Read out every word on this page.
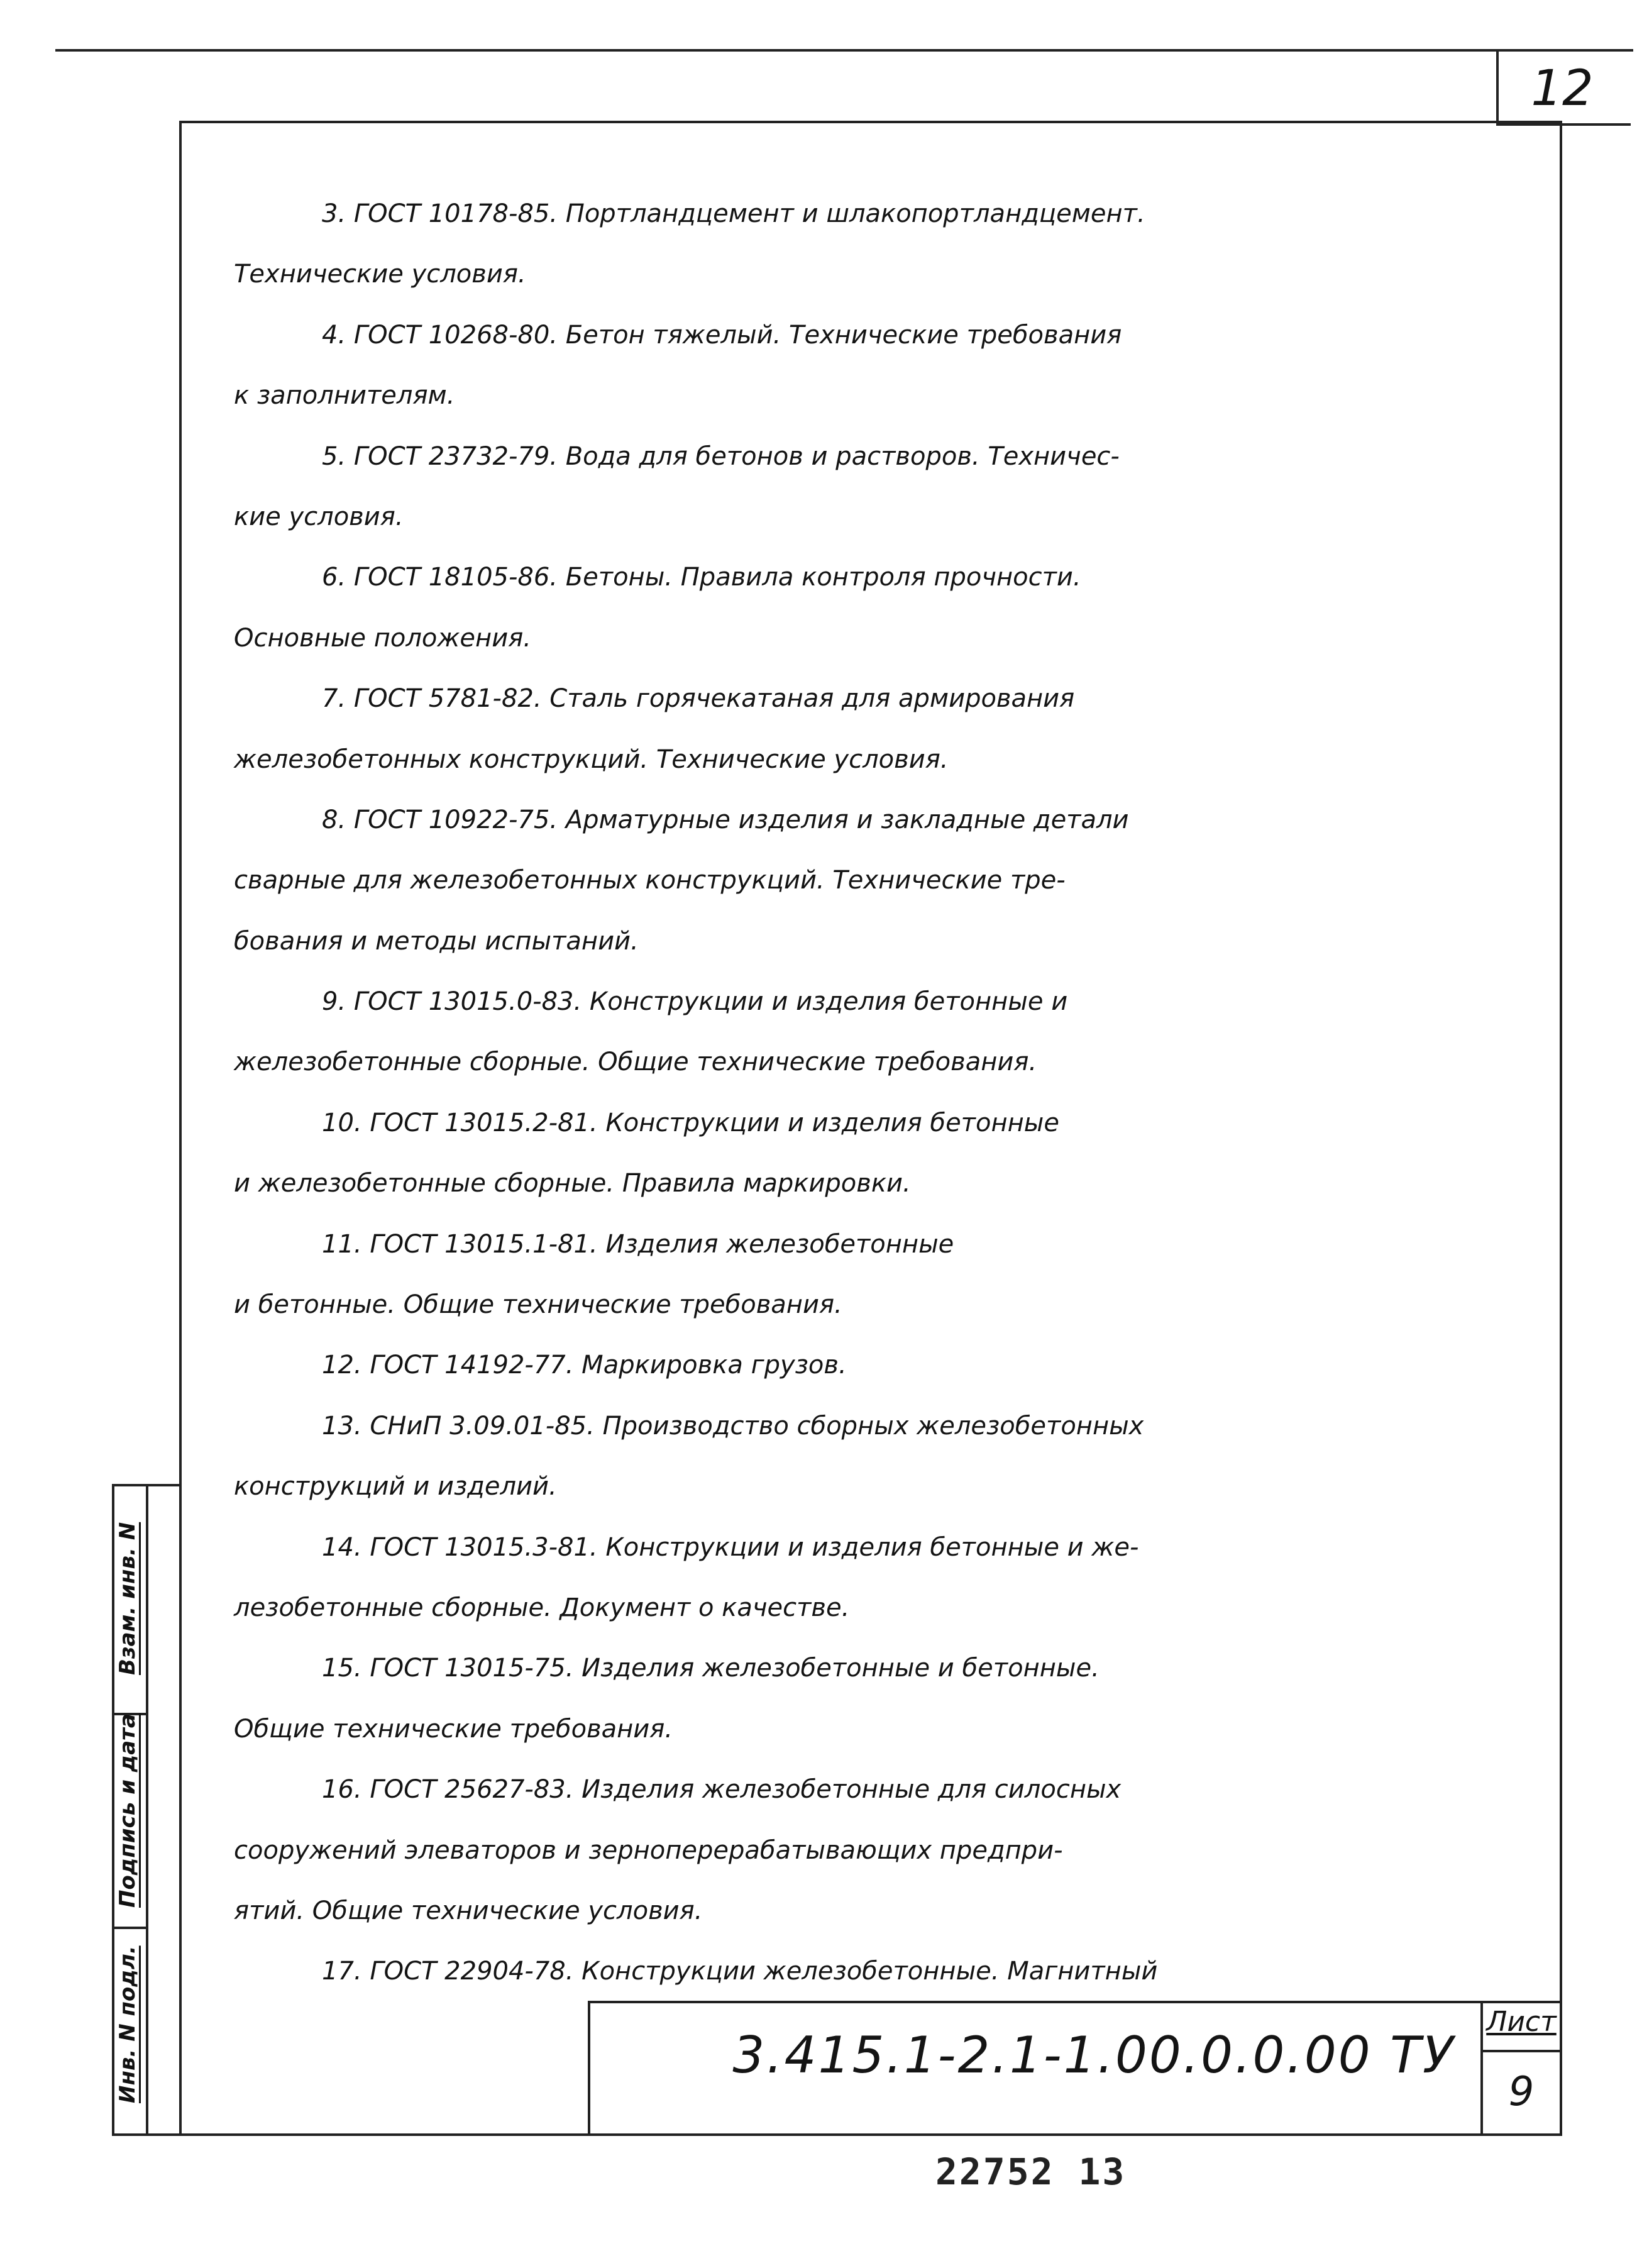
12
Взам. инв. N
Подпись и дата
Инв. N подл.
3. ГОСТ 10178-85. Портландцемент и шлакопортландцемент.
Технические условия.
4. ГОСТ 10268-80. Бетон тяжелый. Технические требования
к заполнителям.
5. ГОСТ 23732-79. Вода для бетонов и растворов. Техничес-
кие условия.
6. ГОСТ 18105-86. Бетоны. Правила контроля прочности.
Основные положения.
7. ГОСТ 5781-82. Сталь горячекатаная для армирования
железобетонных конструкций. Технические условия.
8. ГОСТ 10922-75. Арматурные изделия и закладные детали
сварные для железобетонных конструкций. Технические тре-
бования и методы испытаний.
9. ГОСТ 13015.0-83. Конструкции и изделия бетонные и
железобетонные сборные. Общие технические требования.
10. ГОСТ 13015.2-81. Конструкции и изделия бетонные
и железобетонные сборные. Правила маркировки.
11. ГОСТ 13015.1-81. Изделия железобетонные
и бетонные. Общие технические требования.
12. ГОСТ 14192-77. Маркировка грузов.
13. СНиП 3.09.01-85. Производство сборных железобетонных
конструкций и изделий.
14. ГОСТ 13015.3-81. Конструкции и изделия бетонные и же-
лезобетонные сборные. Документ о качестве.
15. ГОСТ 13015-75. Изделия железобетонные и бетонные.
Общие технические требования.
16. ГОСТ 25627-83. Изделия железобетонные для силосных
сооружений элеваторов и зерноперерабатывающих предпри-
ятий. Общие технические условия.
17. ГОСТ 22904-78. Конструкции железобетонные. Магнитный
3.415.1-2.1-1.00.0.0.00 ТУ
Лист
9
22752 13
